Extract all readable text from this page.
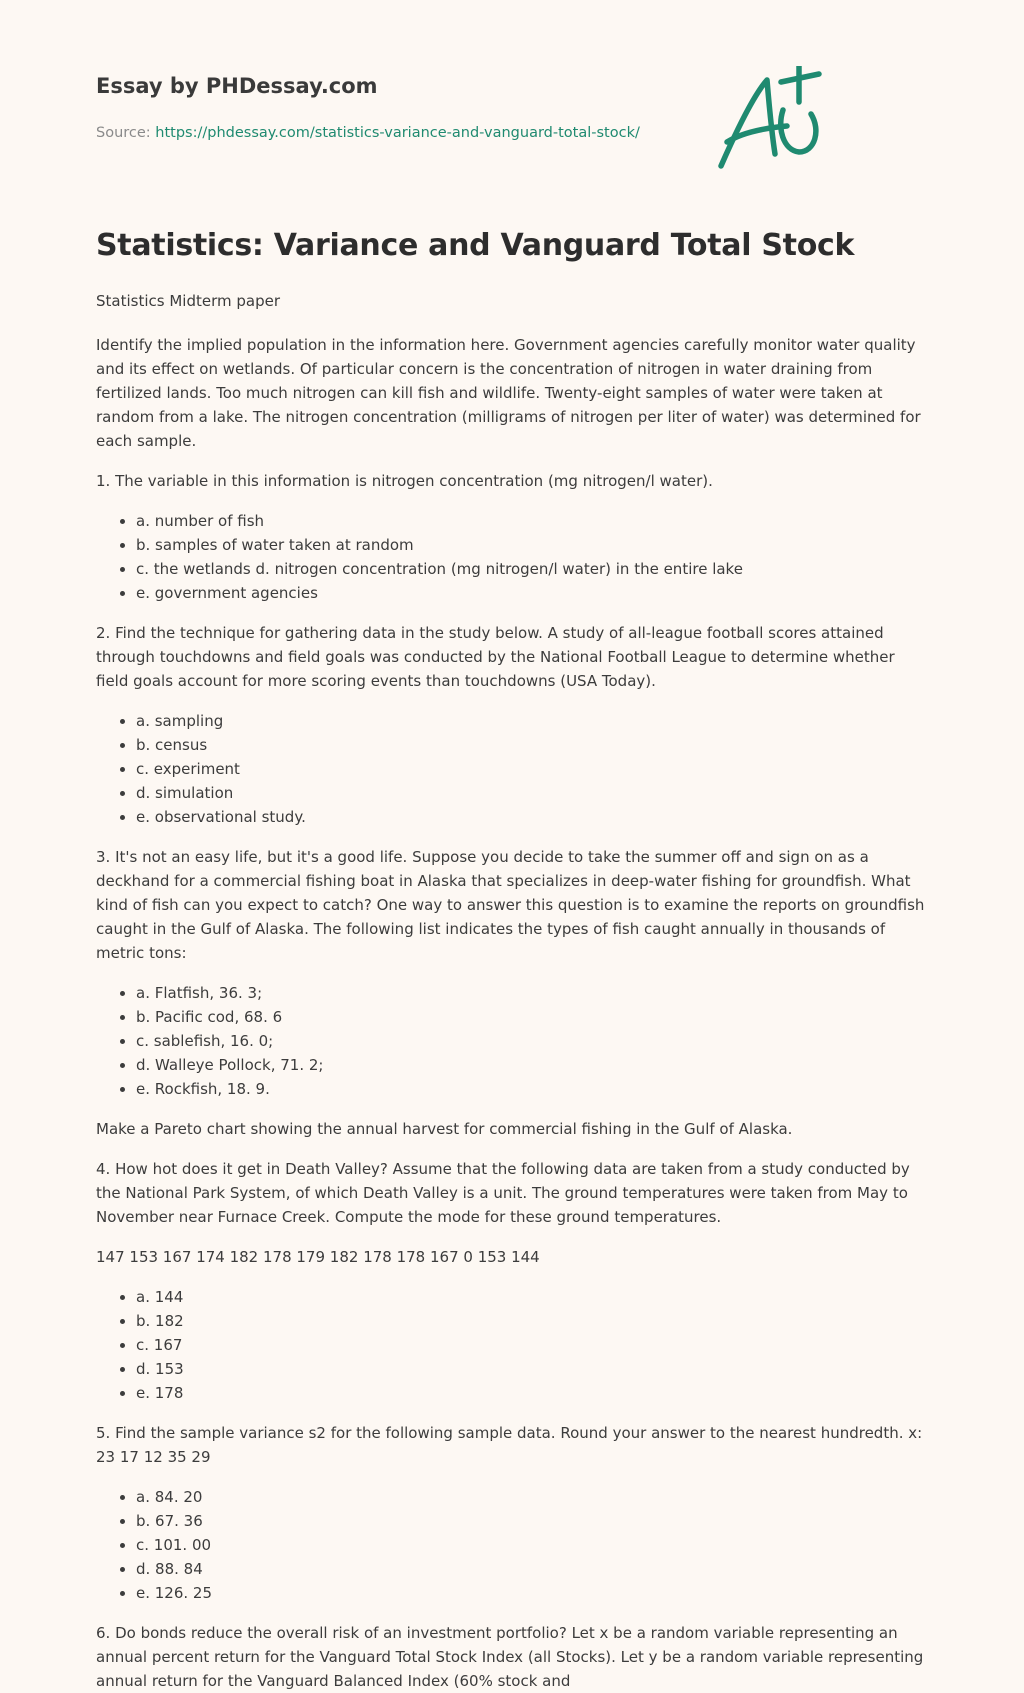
Essay by PHDessay.com
Source: https://phdessay.com/statistics-variance-and-vanguard-total-stock/
Statistics: Variance and Vanguard Total Stock

Statistics Midterm paper

Identify the implied population in the information here. Government agencies carefully monitor water quality and its effect on wetlands. Of particular concern is the concentration of nitrogen in water draining from fertilized lands. Too much nitrogen can kill fish and wildlife. Twenty-eight samples of water were taken at random from a lake. The nitrogen concentration (milligrams of nitrogen per liter of water) was determined for each sample.

1. The variable in this information is nitrogen concentration (mg nitrogen/l water).

• a. number of fish
• b. samples of water taken at random
• c. the wetlands d. nitrogen concentration (mg nitrogen/l water) in the entire lake
• e. government agencies

2. Find the technique for gathering data in the study below. A study of all-league football scores attained through touchdowns and field goals was conducted by the National Football League to determine whether field goals account for more scoring events than touchdowns (USA Today).

• a. sampling
• b. census
• c. experiment
• d. simulation
• e. observational study.

3. It's not an easy life, but it's a good life. Suppose you decide to take the summer off and sign on as a deckhand for a commercial fishing boat in Alaska that specializes in deep-water fishing for groundfish. What kind of fish can you expect to catch? One way to answer this question is to examine the reports on groundfish caught in the Gulf of Alaska. The following list indicates the types of fish caught annually in thousands of metric tons:

• a. Flatfish, 36. 3;
• b. Pacific cod, 68. 6
• c. sablefish, 16. 0;
• d. Walleye Pollock, 71. 2;
• e. Rockfish, 18. 9.

Make a Pareto chart showing the annual harvest for commercial fishing in the Gulf of Alaska.

4. How hot does it get in Death Valley? Assume that the following data are taken from a study conducted by the National Park System, of which Death Valley is a unit. The ground temperatures were taken from May to November near Furnace Creek. Compute the mode for these ground temperatures.

147 153 167 174 182 178 179 182 178 178 167 0 153 144

• a. 144
• b. 182
• c. 167
• d. 153
• e. 178

5. Find the sample variance s2 for the following sample data. Round your answer to the nearest hundredth. x: 23 17 12 35 29

• a. 84. 20
• b. 67. 36
• c. 101. 00
• d. 88. 84
• e. 126. 25

6. Do bonds reduce the overall risk of an investment portfolio? Let x be a random variable representing an annual percent return for the Vanguard Total Stock Index (all Stocks). Let y be a random variable representing annual return for the Vanguard Balanced Index (60% stock and
